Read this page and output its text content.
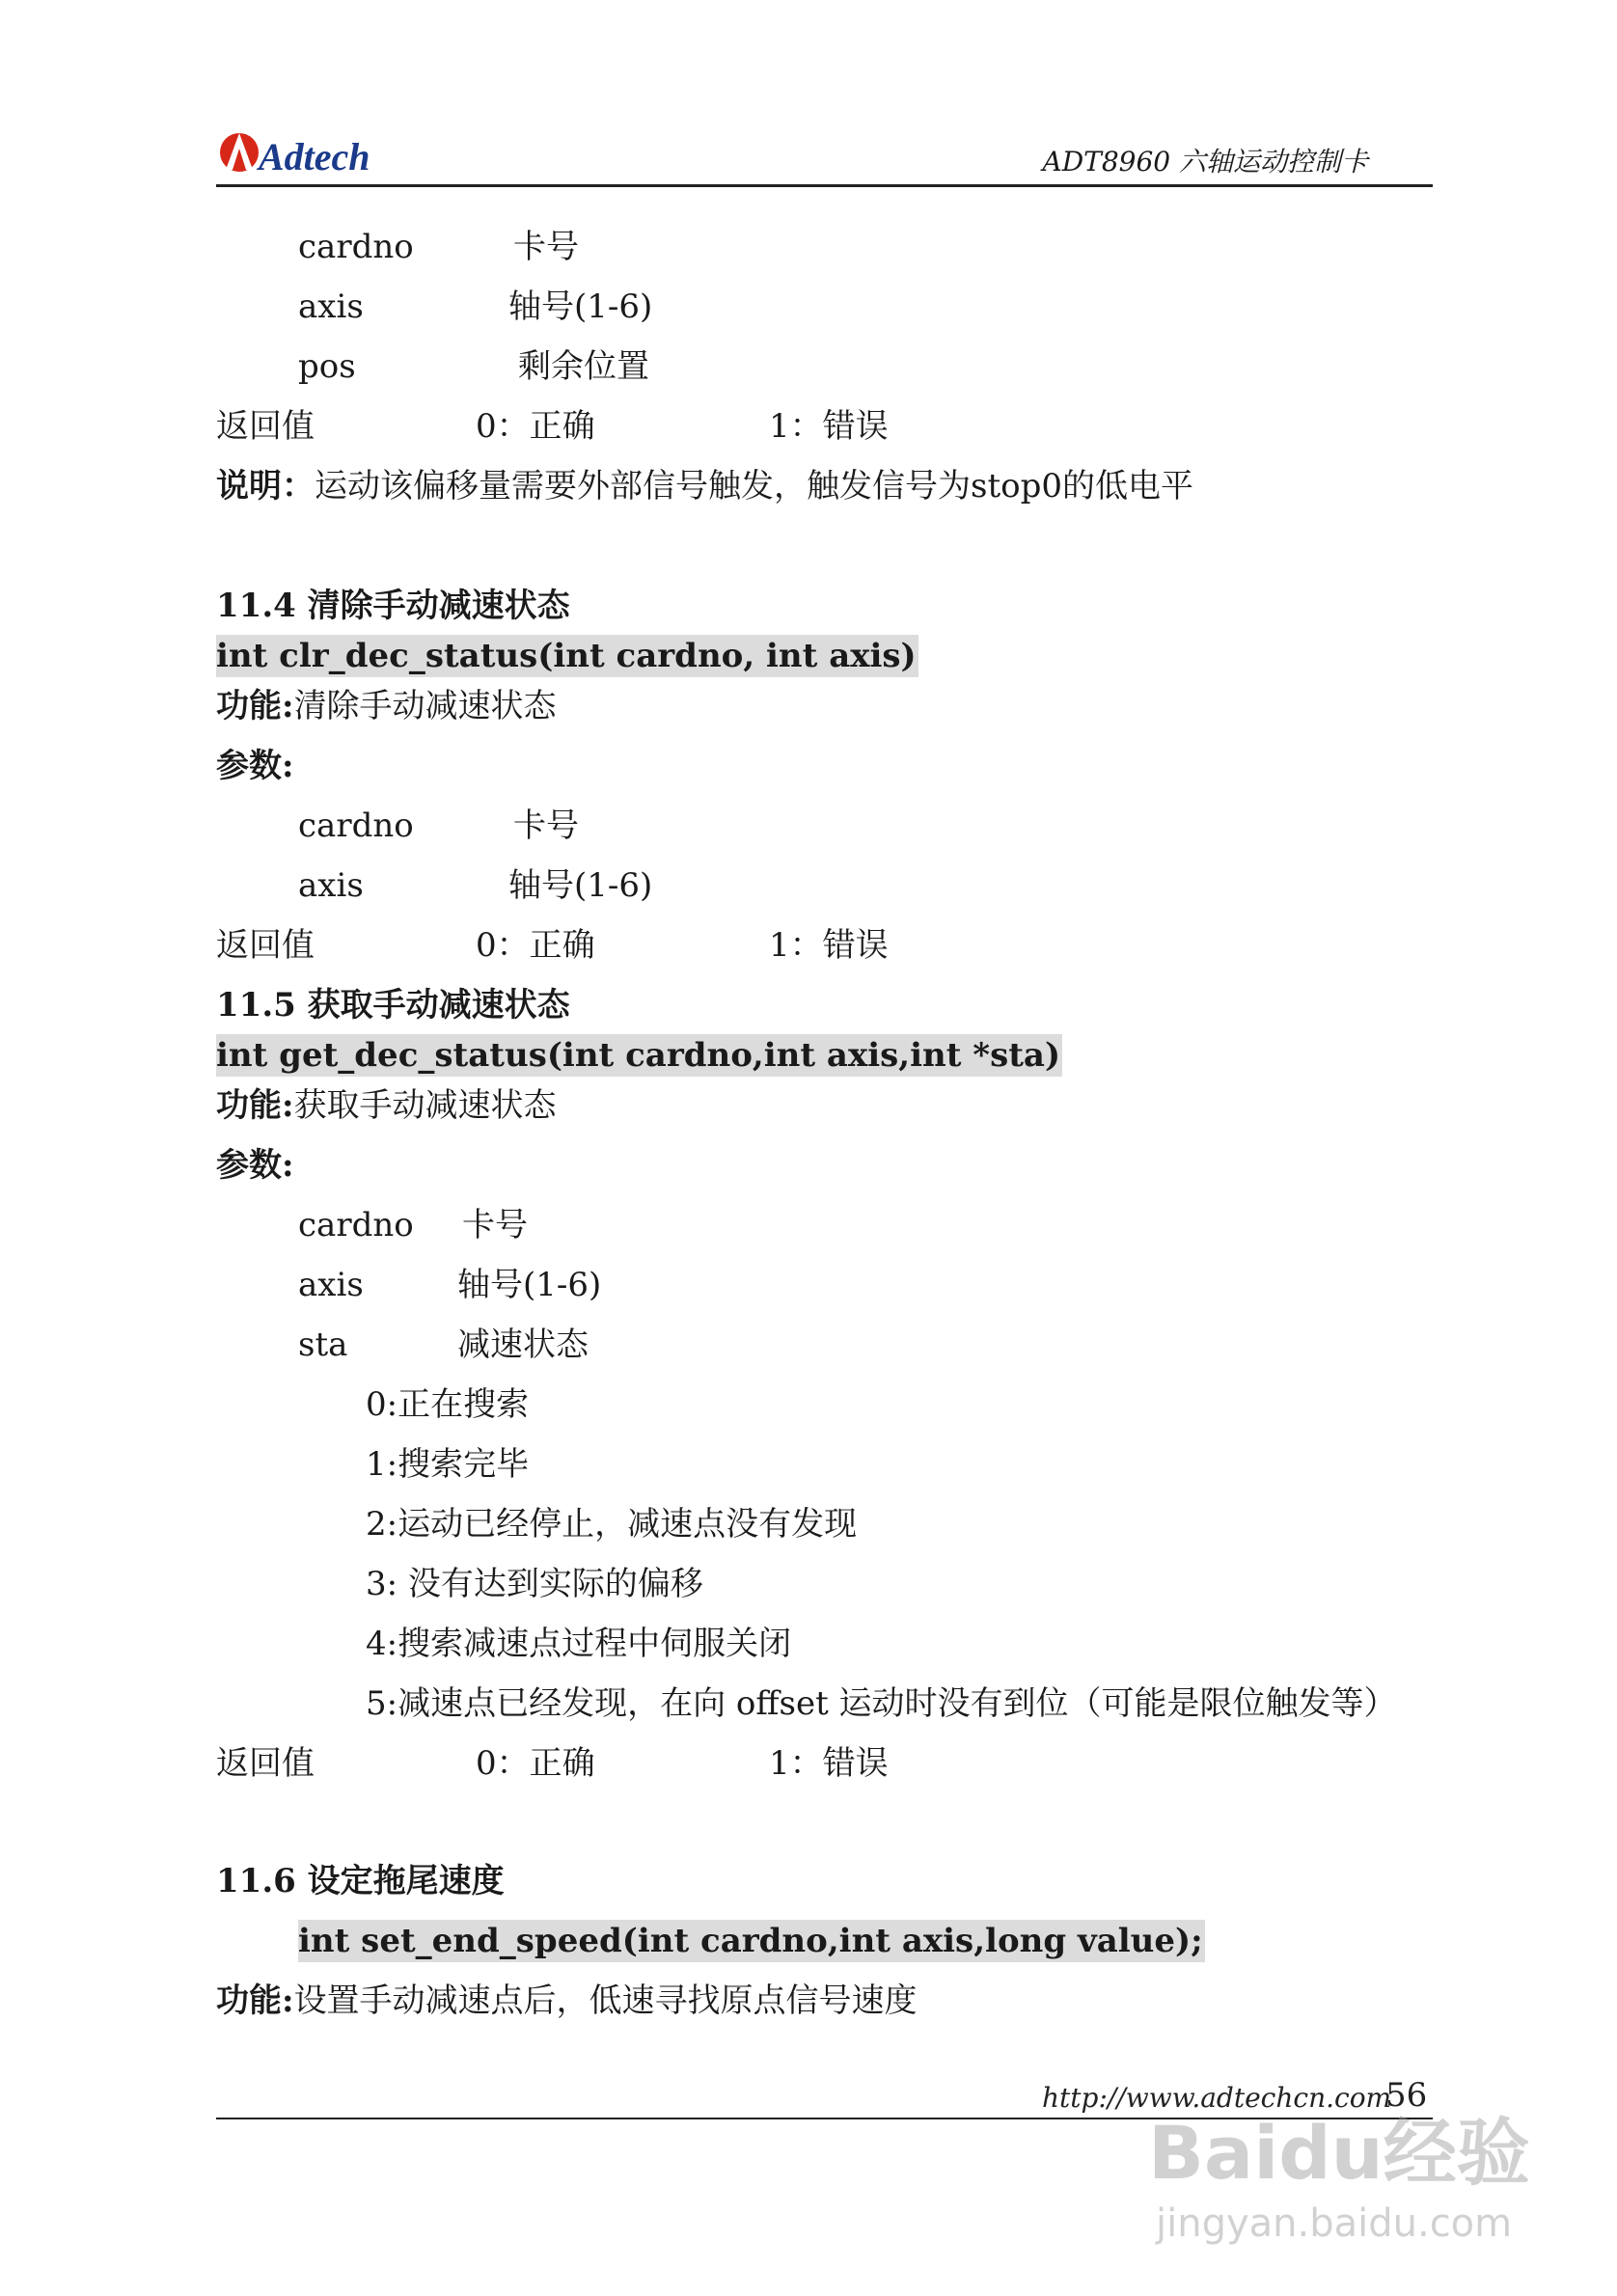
Adtech	ADT8960 六轴运动控制卡
cardno	卡号
axis	轴号(1-6)
pos	剩余位置
返回值	0：正确	1：错误
说明：运动该偏移量需要外部信号触发，触发信号为stop0的低电平
11.4 清除手动减速状态
int clr_dec_status(int cardno, int axis)
功能:清除手动减速状态
参数:
cardno	卡号
axis	轴号(1-6)
返回值	0：正确	1：错误
11.5 获取手动减速状态
int get_dec_status(int cardno,int axis,int *sta)
功能:获取手动减速状态
参数:
cardno 卡号
axis	轴号(1-6)
sta	减速状态
0:正在搜索
1:搜索完毕
2:运动已经停止，减速点没有发现
3: 没有达到实际的偏移
4:搜索减速点过程中伺服关闭
5:减速点已经发现，在向 offset 运动时没有到位（可能是限位触发等）
返回值	0：正确	1：错误
11.6 设定拖尾速度
int set_end_speed(int cardno,int axis,long value);
功能:设置手动减速点后，低速寻找原点信号速度
http://www.adtechcn.com
56
Baidu经验
jingyan.baidu.com
